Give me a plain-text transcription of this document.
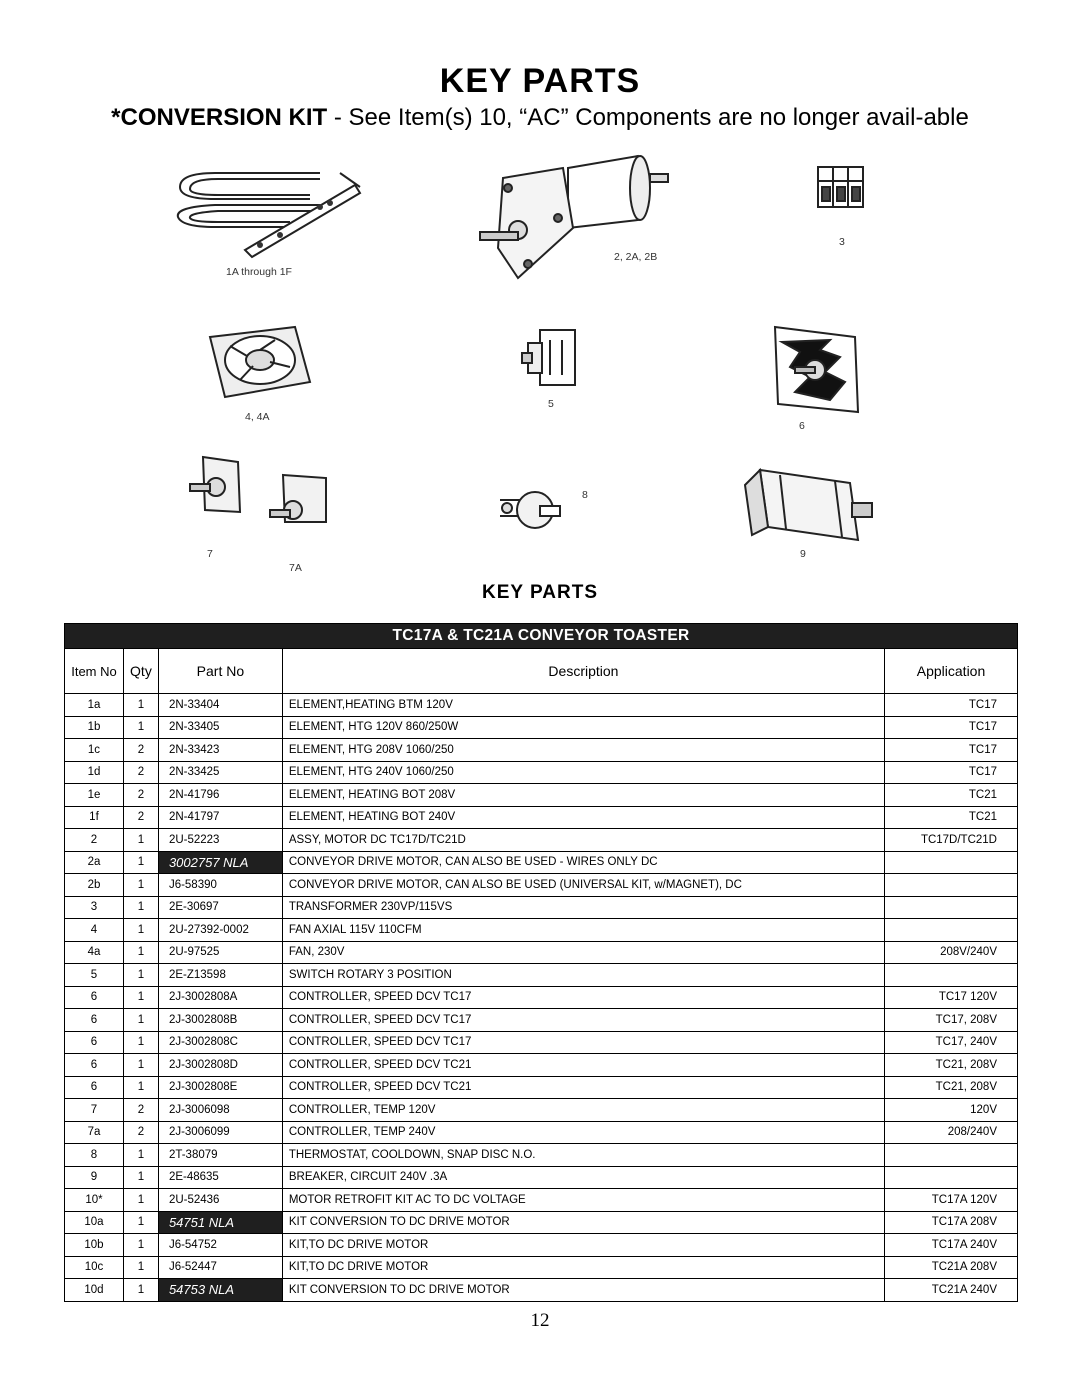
KEY PARTS
*CONVERSION KIT - See Item(s) 10, “AC” Components are no longer avail-able
1A through 1F
2, 2A, 2B
3
4, 4A
5
6
7
7A
8
9
KEY PARTS
TC17A & TC21A CONVEYOR TOASTER				
Item No	Qty	Part No	Description	Application
1a	1	2N-33404	ELEMENT,HEATING BTM 120V	TC17
1b	1	2N-33405	ELEMENT, HTG 120V 860/250W	TC17
1c	2	2N-33423	ELEMENT, HTG 208V 1060/250	TC17
1d	2	2N-33425	ELEMENT, HTG 240V 1060/250	TC17
1e	2	2N-41796	ELEMENT, HEATING BOT 208V	TC21
1f	2	2N-41797	ELEMENT, HEATING BOT 240V	TC21
2	1	2U-52223	ASSY, MOTOR DC TC17D/TC21D	TC17D/TC21D
2a	1	3002757 NLA	CONVEYOR DRIVE MOTOR, CAN ALSO BE USED - WIRES ONLY DC	
2b	1	J6-58390	CONVEYOR DRIVE MOTOR, CAN ALSO BE USED (UNIVERSAL KIT, w/MAGNET), DC	
3	1	2E-30697	TRANSFORMER 230VP/115VS	
4	1	2U-27392-0002	FAN AXIAL 115V 110CFM	
4a	1	2U-97525	FAN, 230V	208V/240V
5	1	2E-Z13598	SWITCH ROTARY 3 POSITION	
6	1	2J-3002808A	CONTROLLER, SPEED DCV TC17	TC17 120V
6	1	2J-3002808B	CONTROLLER, SPEED DCV TC17	TC17, 208V
6	1	2J-3002808C	CONTROLLER, SPEED DCV TC17	TC17, 240V
6	1	2J-3002808D	CONTROLLER, SPEED DCV TC21	TC21, 208V
6	1	2J-3002808E	CONTROLLER, SPEED DCV TC21	TC21, 208V
7	2	2J-3006098	CONTROLLER, TEMP 120V	120V
7a	2	2J-3006099	CONTROLLER, TEMP 240V	208/240V
8	1	2T-38079	THERMOSTAT, COOLDOWN, SNAP DISC N.O.	
9	1	2E-48635	BREAKER, CIRCUIT 240V .3A	
10*	1	2U-52436	MOTOR RETROFIT KIT AC TO DC VOLTAGE	TC17A 120V
10a	1	54751 NLA	KIT CONVERSION TO DC DRIVE MOTOR	TC17A 208V
10b	1	J6-54752	KIT,TO DC DRIVE MOTOR	TC17A 240V
10c	1	J6-52447	KIT,TO DC DRIVE MOTOR	TC21A 208V
10d	1	54753 NLA	KIT CONVERSION TO DC DRIVE MOTOR	TC21A 240V
12
